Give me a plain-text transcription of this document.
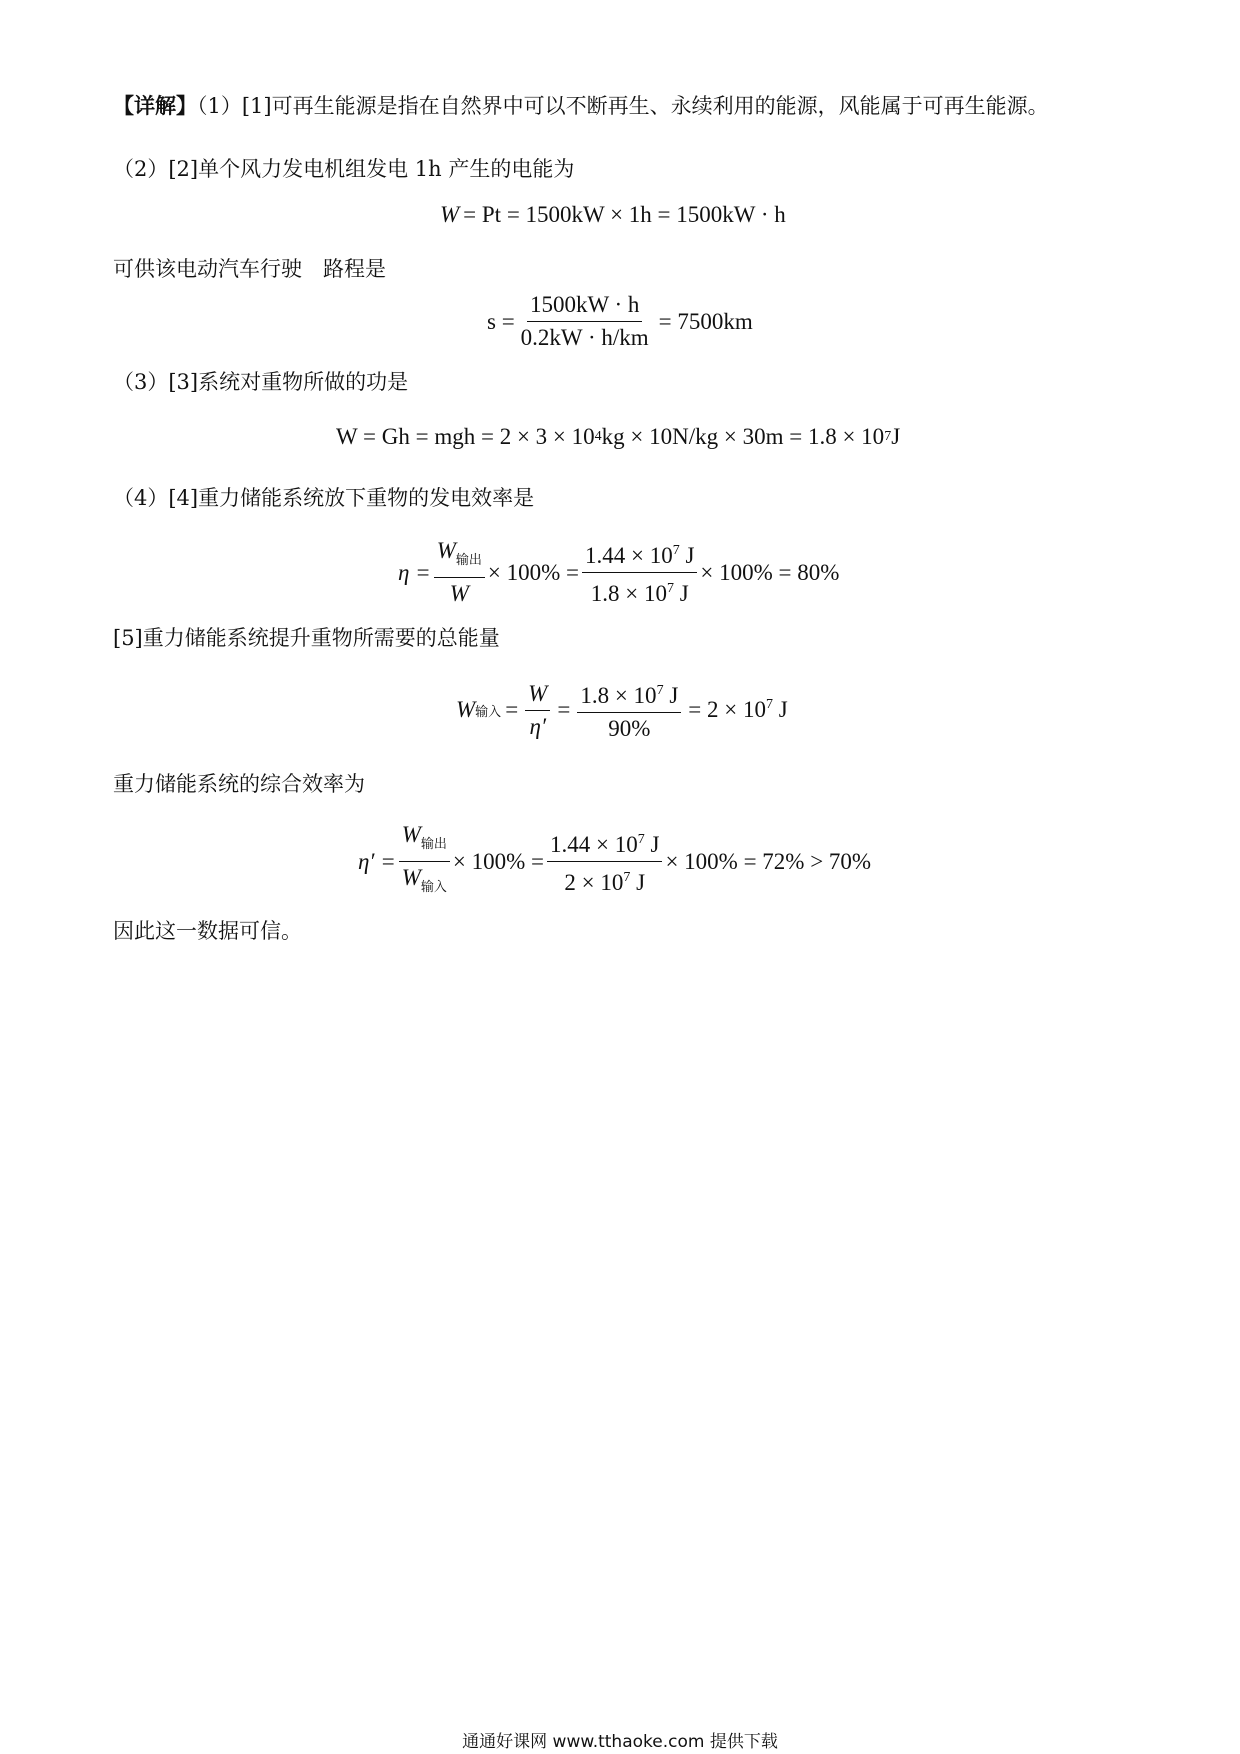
【详解】（1）[1]可再生能源是指在自然界中可以不断再生、永续利用的能源，风能属于可再生能源。
（2）[2]单个风力发电机组发电 1h 产生的电能为
W = Pt = 1500kW × 1h = 1500kW · h
可供该电动汽车行驶　路程是
$s = \frac{1500kW \cdot h}{0.2kW \cdot h/km} = 7500km$
（3）[3]系统对重物所做的功是
W = Gh = mgh = 2 × 3 × 10 4 kg × 10N/kg × 30m = 1.8 × 10 7 J
（4）[4]重力储能系统放下重物的发电效率是
$\eta = \frac{W_{输出}}{W} \times 100\% = \frac{1.44 \times 10^7 J}{1.8 \times 10^7 J} \times 100\% = 80\%$
[5]重力储能系统提升重物所需要的总能量
W 输入 = $\frac{W}{\eta'} = \frac{1.8 \times 10^7 J}{90\%} = 2 \times 10^7$ J
重力储能系统的综合效率为
$\eta' = \frac{W_{输出}}{W_{输入}} \times 100\% = \frac{1.44 \times 10^7 J}{2 \times 10^7 J} \times 100\% = 72\% > 70\%$
因此这一数据可信。
通通好课网 www.tthaoke.com 提供下载
